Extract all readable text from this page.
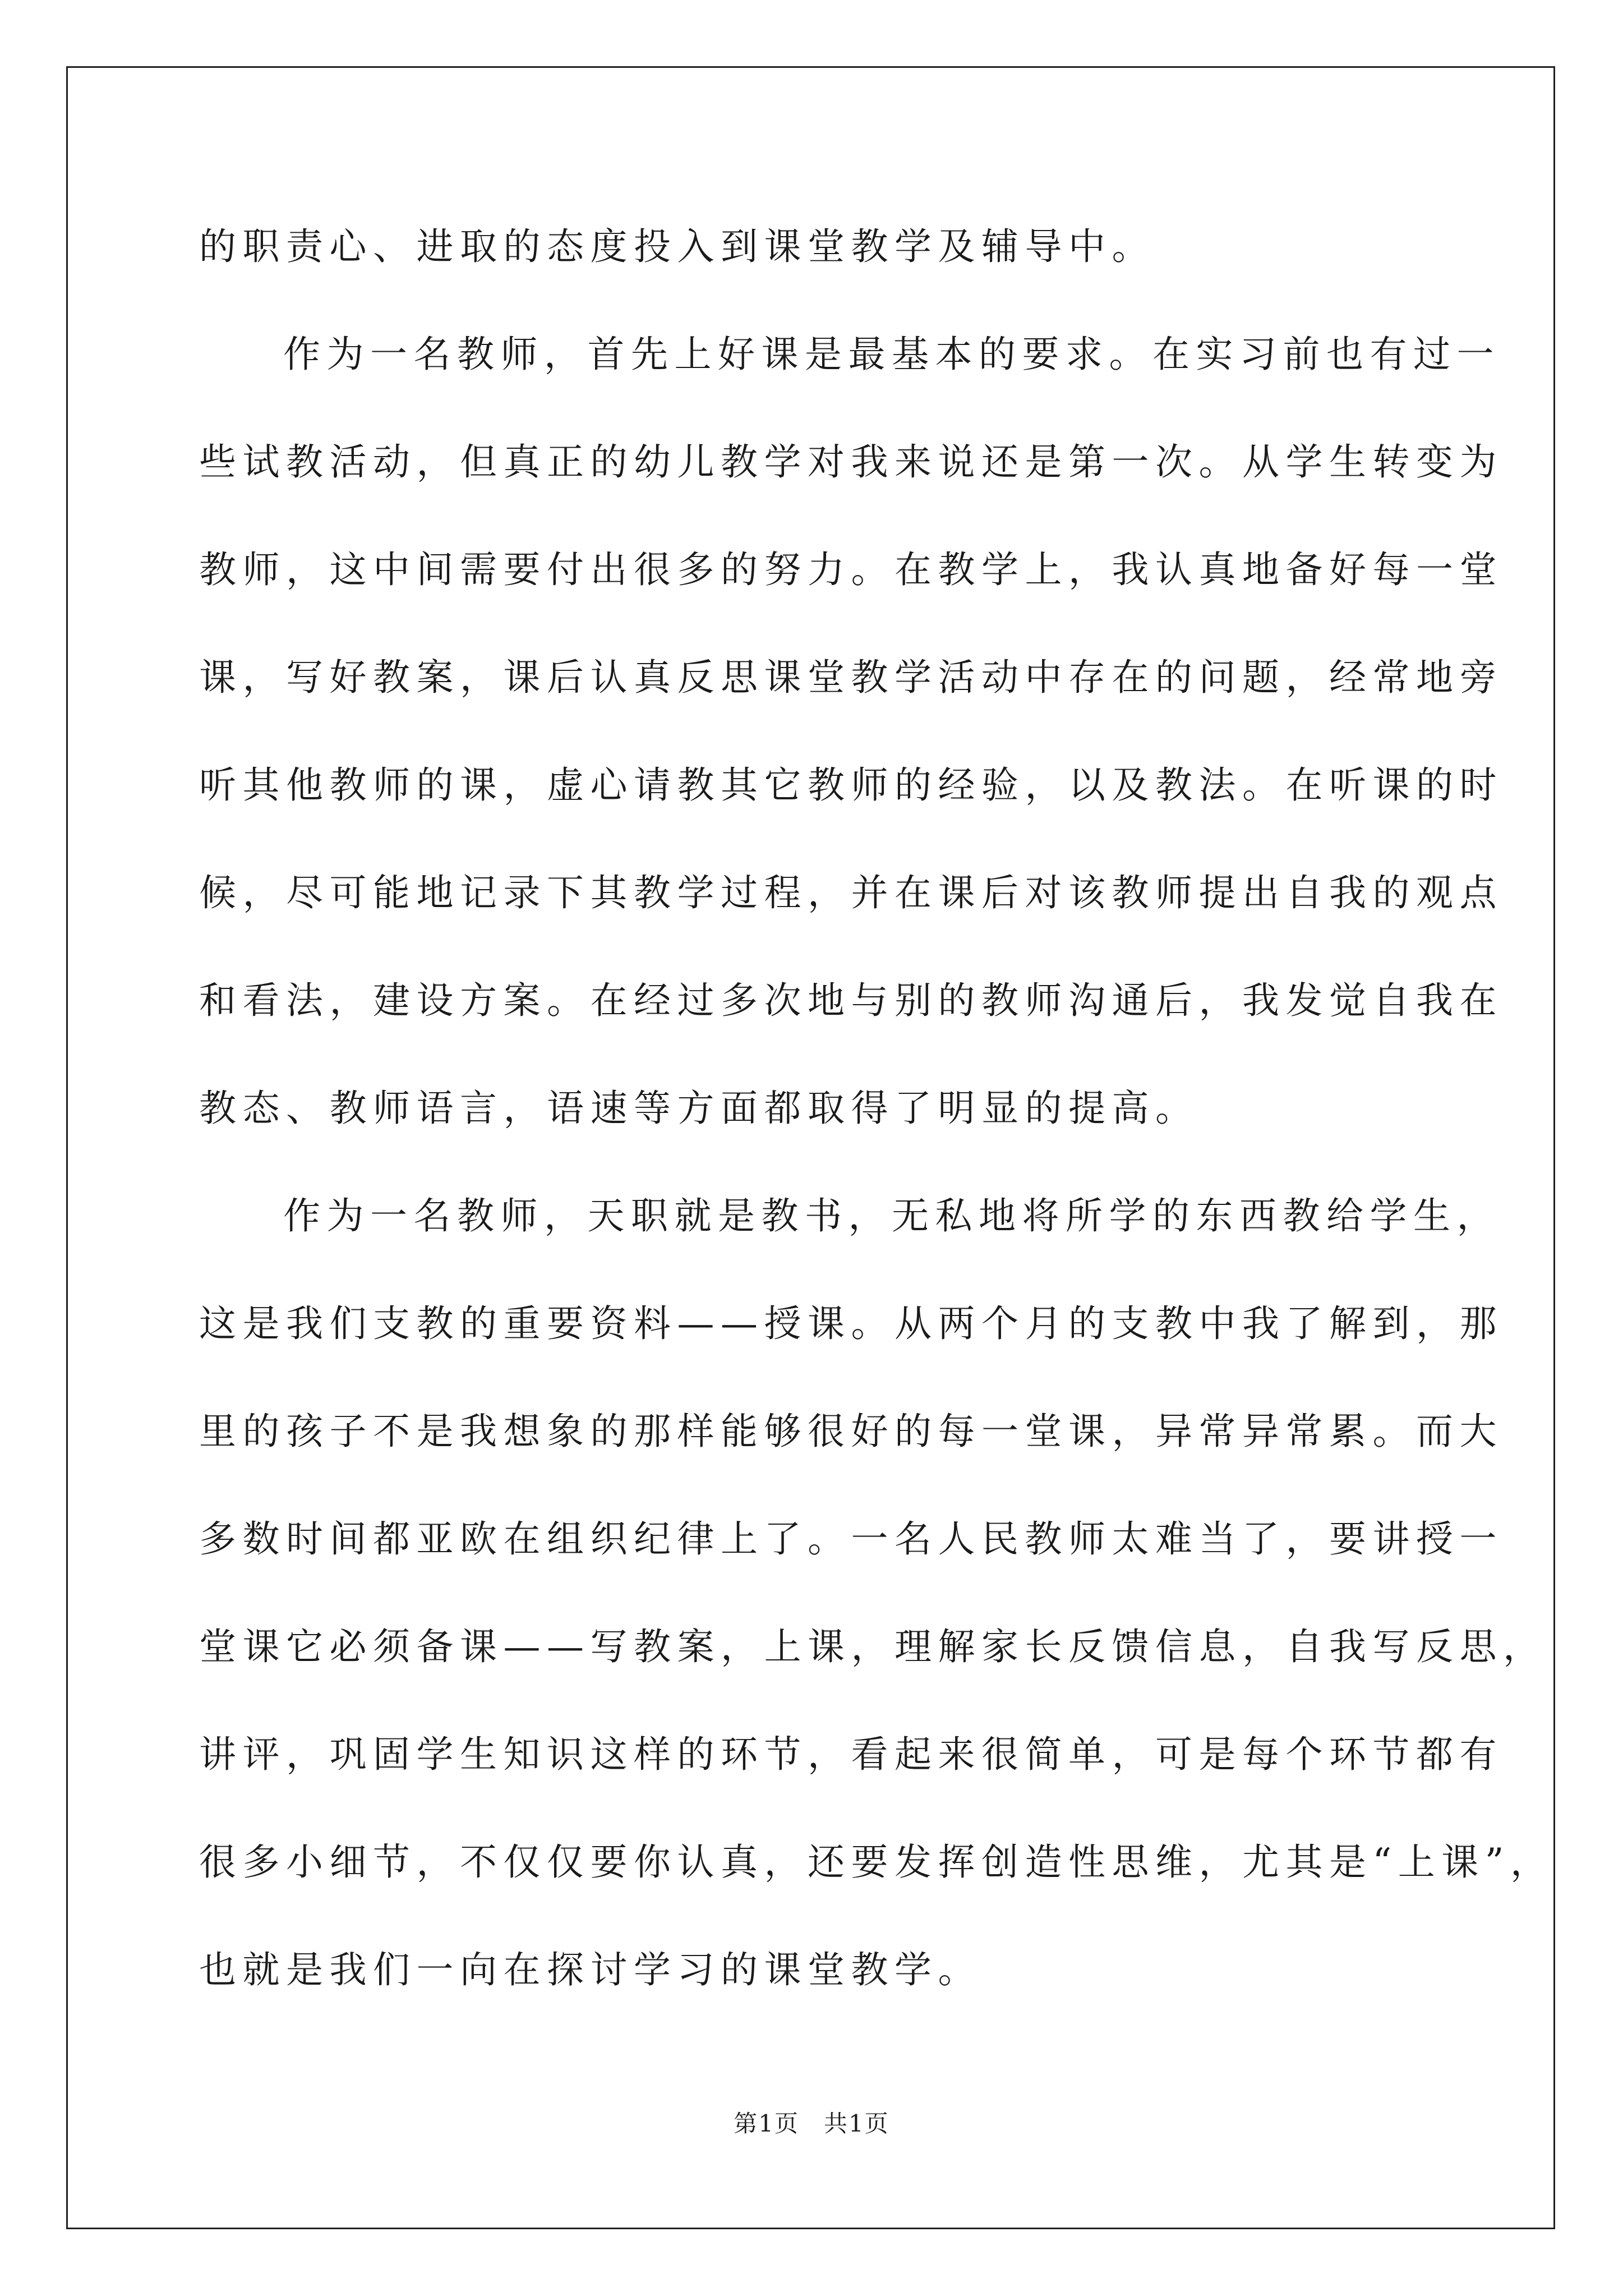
的职责心、进取的态度投入到课堂教学及辅导中。
作为一名教师，首先上好课是最基本的要求。在实习前也有过一
些试教活动，但真正的幼儿教学对我来说还是第一次。从学生转变为
教师，这中间需要付出很多的努力。在教学上，我认真地备好每一堂
课，写好教案，课后认真反思课堂教学活动中存在的问题，经常地旁
听其他教师的课，虚心请教其它教师的经验，以及教法。在听课的时
候，尽可能地记录下其教学过程，并在课后对该教师提出自我的观点
和看法，建设方案。在经过多次地与别的教师沟通后，我发觉自我在
教态、教师语言，语速等方面都取得了明显的提高。
作为一名教师，天职就是教书，无私地将所学的东西教给学生，
这是我们支教的重要资料——授课。从两个月的支教中我了解到，那
里的孩子不是我想象的那样能够很好的每一堂课，异常异常累。而大
多数时间都亚欧在组织纪律上了。一名人民教师太难当了，要讲授一
堂课它必须备课——写教案，上课，理解家长反馈信息，自我写反思，
讲评，巩固学生知识这样的环节，看起来很简单，可是每个环节都有
很多小细节，不仅仅要你认真，还要发挥创造性思维，尤其是“上课”，
也就是我们一向在探讨学习的课堂教学。
第1页　共1页
